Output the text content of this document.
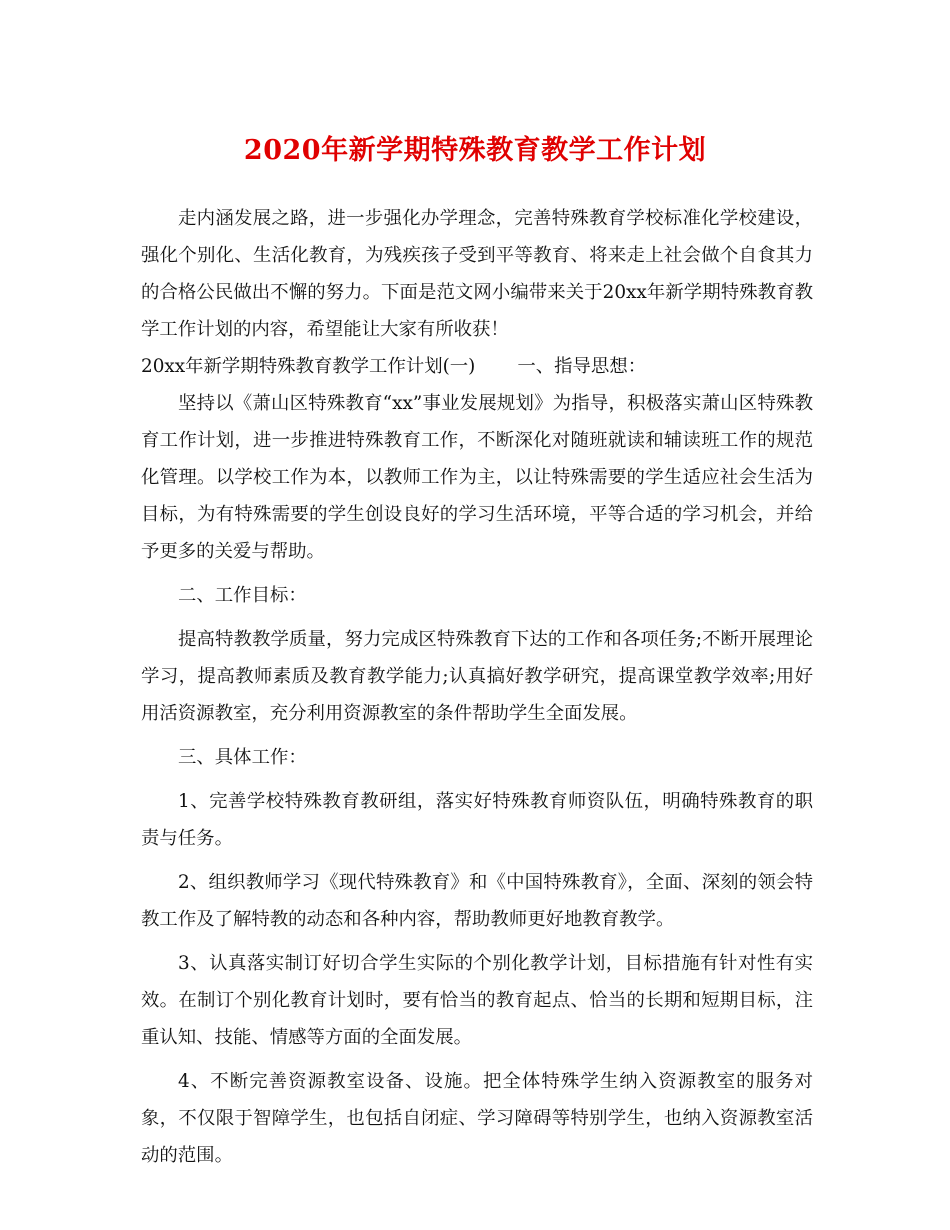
2020年新学期特殊教育教学工作计划

走内涵发展之路，进一步强化办学理念，完善特殊教育学校标准化学校建设，强化个别化、生活化教育，为残疾孩子受到平等教育、将来走上社会做个自食其力的合格公民做出不懈的努力。下面是范文网小编带来关于20xx年新学期特殊教育教学工作计划的内容，希望能让大家有所收获！

20xx年新学期特殊教育教学工作计划(一) 一、指导思想：

坚持以《萧山区特殊教育“xx”事业发展规划》为指导，积极落实萧山区特殊教育工作计划，进一步推进特殊教育工作，不断深化对随班就读和辅读班工作的规范化管理。以学校工作为本，以教师工作为主，以让特殊需要的学生适应社会生活为目标，为有特殊需要的学生创设良好的学习生活环境，平等合适的学习机会，并给予更多的关爱与帮助。

二、工作目标：

提高特教教学质量，努力完成区特殊教育下达的工作和各项任务;不断开展理论学习，提高教师素质及教育教学能力;认真搞好教学研究，提高课堂教学效率;用好用活资源教室，充分利用资源教室的条件帮助学生全面发展。

三、具体工作：

1、完善学校特殊教育教研组，落实好特殊教育师资队伍，明确特殊教育的职责与任务。

2、组织教师学习《现代特殊教育》和《中国特殊教育》，全面、深刻的领会特教工作及了解特教的动态和各种内容，帮助教师更好地教育教学。

3、认真落实制订好切合学生实际的个别化教学计划，目标措施有针对性有实效。在制订个别化教育计划时，要有恰当的教育起点、恰当的长期和短期目标，注重认知、技能、情感等方面的全面发展。

4、不断完善资源教室设备、设施。把全体特殊学生纳入资源教室的服务对象，不仅限于智障学生，也包括自闭症、学习障碍等特别学生，也纳入资源教室活动的范围。
